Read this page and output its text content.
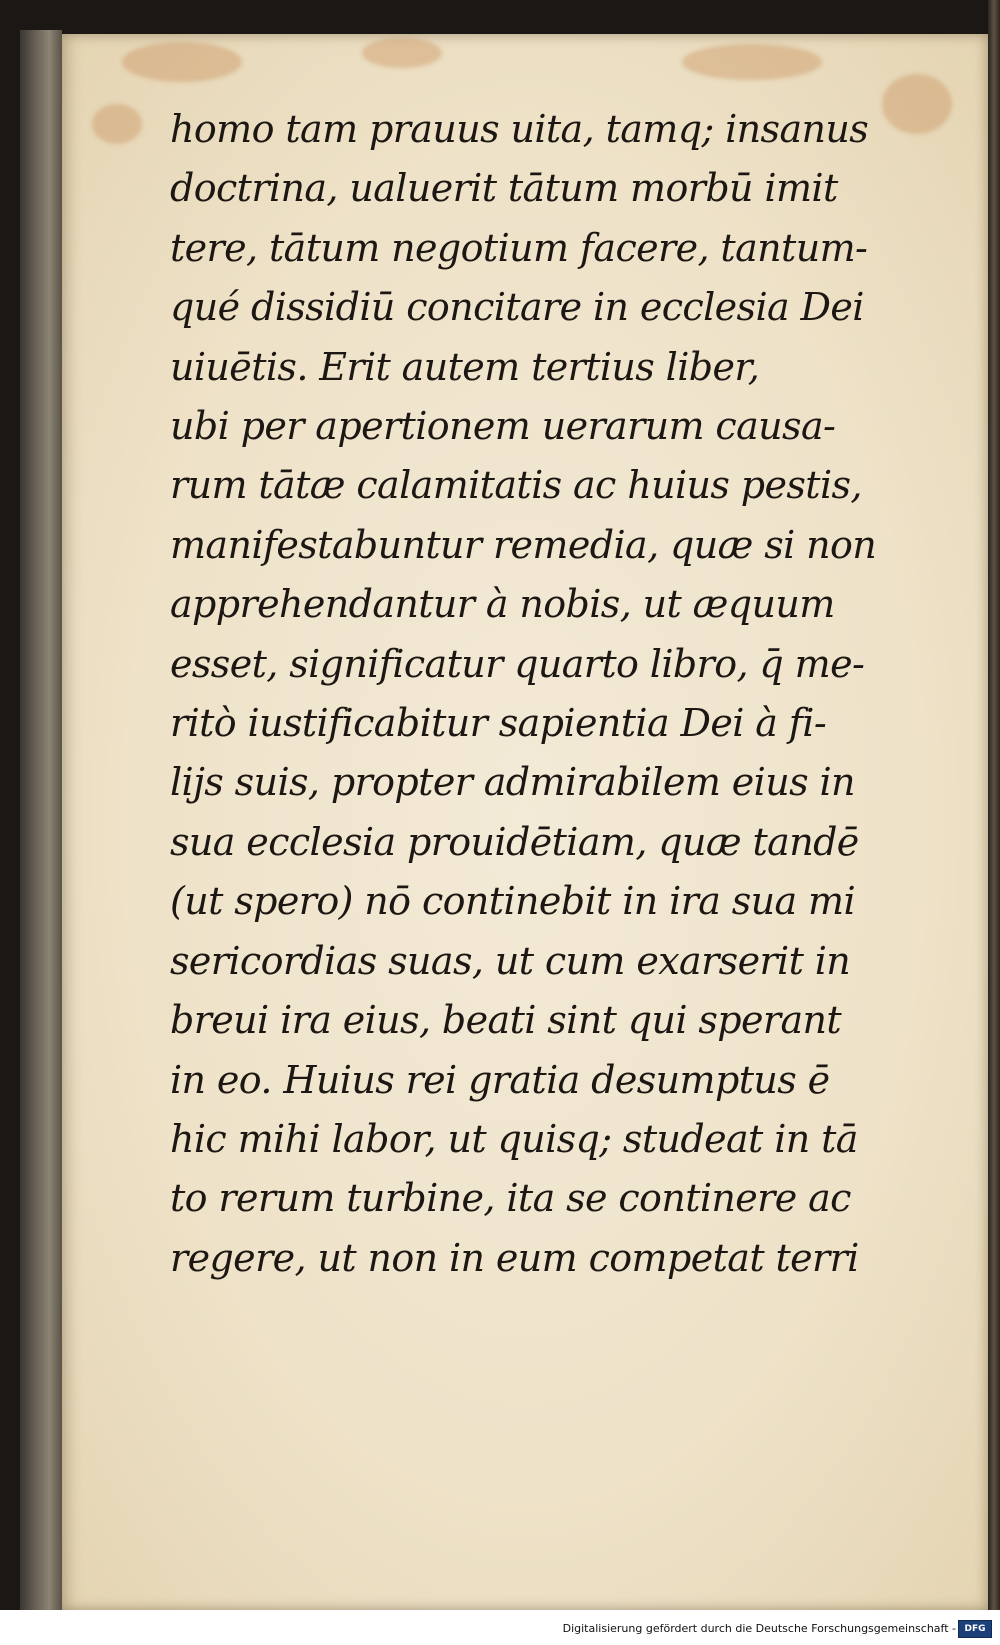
homo tam prauus uita, tamq; insanus
doctrina, ualuerit tātum morbū imit
tere, tātum negotium facere, tantum-
qué dissidiū concitare in ecclesia Dei
uiuētis. Erit autem tertius liber,
ubi per apertionem uerarum causa-
rum tātæ calamitatis ac huius pestis,
manifestabuntur remedia, quæ si non
apprehendantur à nobis, ut æquum
esset, significatur quarto libro, q̄ me-
ritò iustificabitur sapientia Dei à fi-
lijs suis, propter admirabilem eius in
sua ecclesia prouidētiam, quæ tandē
(ut spero) nō continebit in ira sua mi
sericordias suas, ut cum exarserit in
breui ira eius, beati sint qui sperant
in eo. Huius rei gratia desumptus ē
hic mihi labor, ut quisq; studeat in tā
to rerum turbine, ita se continere ac
regere, ut non in eum competat terri
Digitalisierung gefördert durch die Deutsche Forschungsgemeinschaft - DFG
